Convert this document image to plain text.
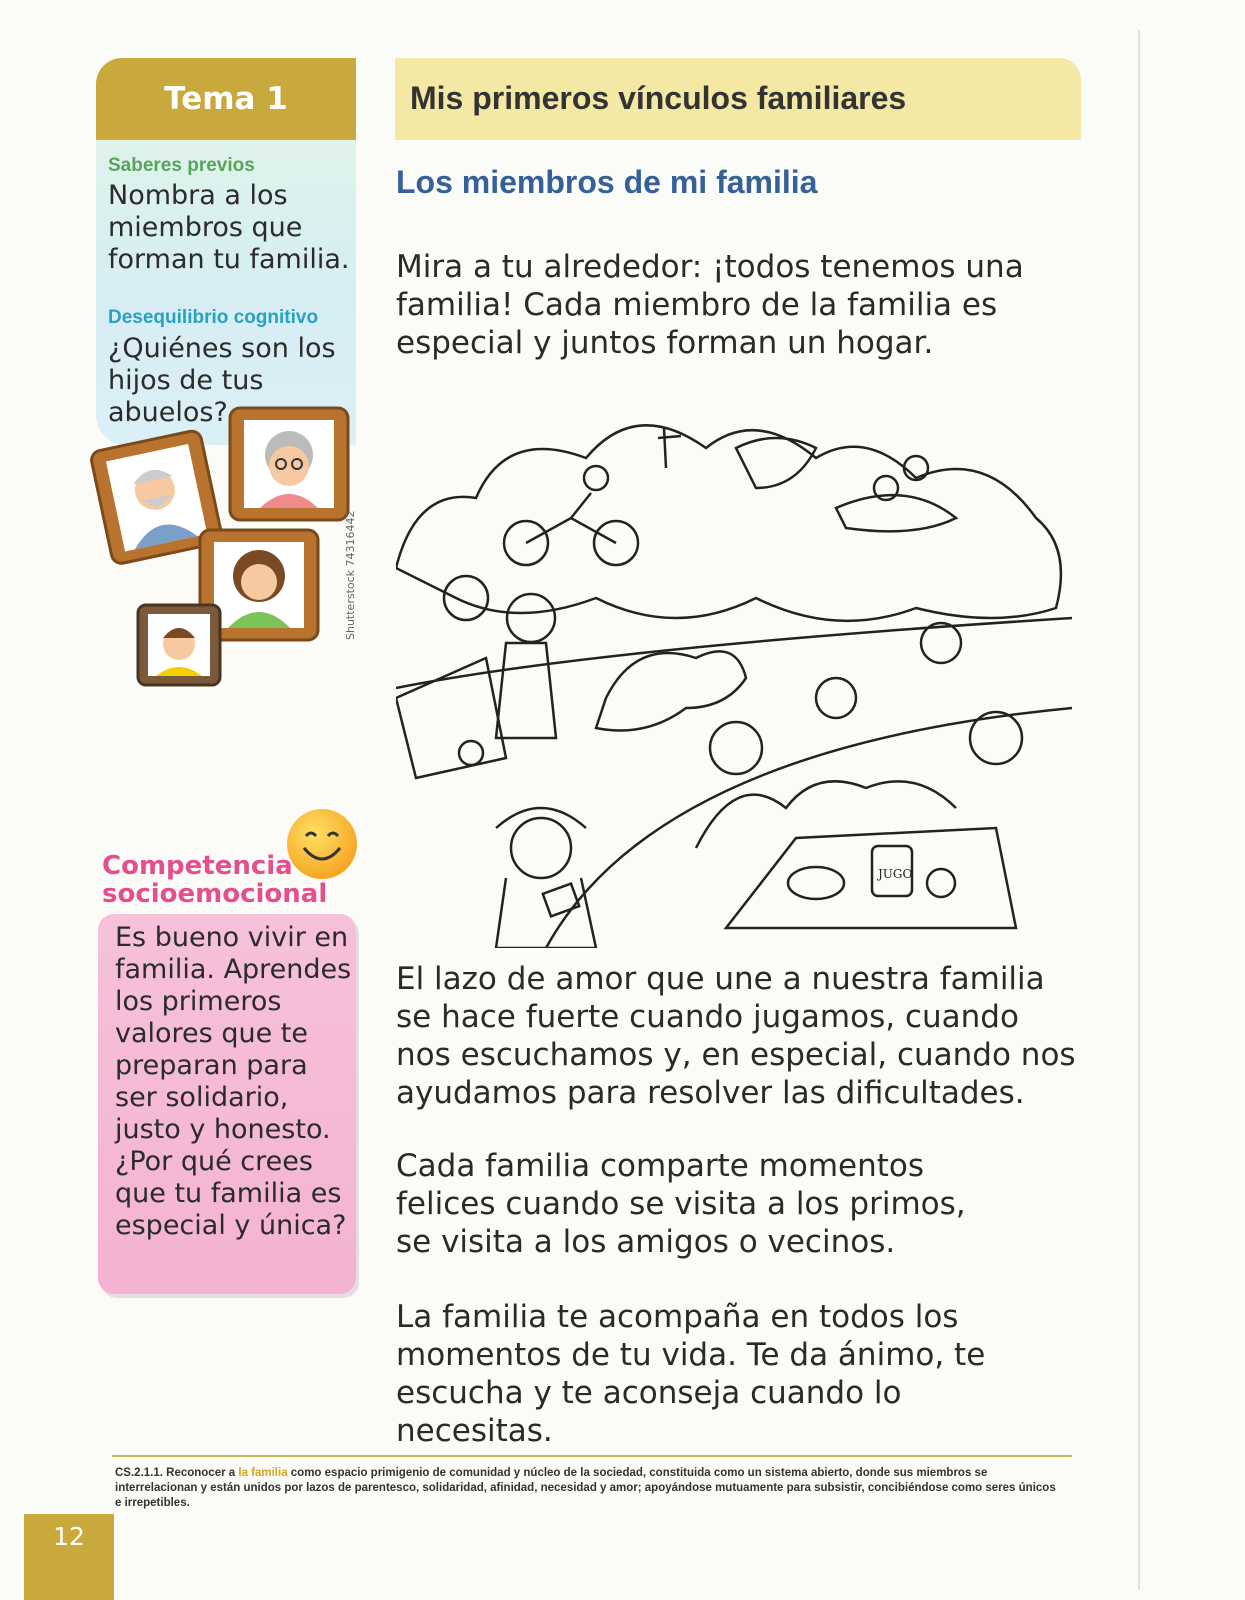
Tema 1
Saberes previos
Nombra a los miembros que forman tu familia.
Desequilibrio cognitivo
¿Quiénes son los hijos de tus abuelos?
Shutterstock 74316442
Competencia
socioemocional
Es bueno vivir en familia. Aprendes los primeros valores que te preparan para ser solidario, justo y honesto. ¿Por qué crees que tu familia es especial y única?
Mis primeros vínculos familiares
Los miembros de mi familia
Mira a tu alrededor: ¡todos tenemos una familia! Cada miembro de la familia es especial y juntos forman un hogar.
JUGO
El lazo de amor que une a nuestra familia se hace fuerte cuando jugamos, cuando nos escuchamos y, en especial, cuando nos ayudamos para resolver las dificultades.
Cada familia comparte momentos felices cuando se visita a los primos, se visita a los amigos o vecinos.
La familia te acompaña en todos los momentos de tu vida. Te da ánimo, te escucha y te aconseja cuando lo necesitas.
CS.2.1.1. Reconocer a la familia como espacio primigenio de comunidad y núcleo de la sociedad, constituida como un sistema abierto, donde sus miembros se interrelacionan y están unidos por lazos de parentesco, solidaridad, afinidad, necesidad y amor; apoyándose mutuamente para subsistir, concibiéndose como seres únicos e irrepetibles.
12
